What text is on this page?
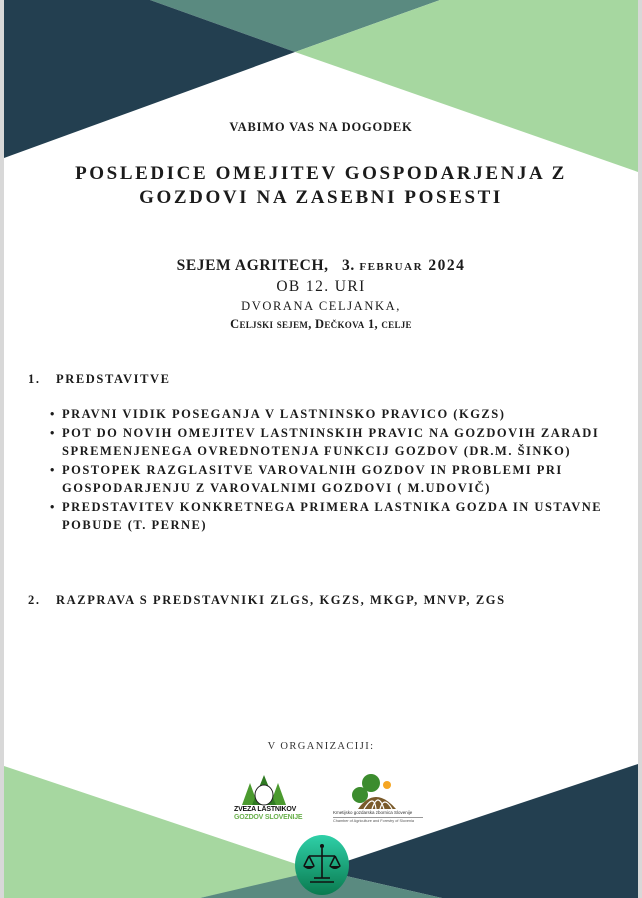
VABIMO VAS NA DOGODEK
POSLEDICE OMEJITEV GOSPODARJENJA Z
GOZDOVI NA ZASEBNI POSESTI
SEJEM AGRITECH, 3. februar 2024
OB 12. URI
DVORANA CELJANKA,
Celjski sejem, Dečkova 1, celje
1. PREDSTAVITVE
• PRAVNI VIDIK POSEGANJA V LASTNINSKO PRAVICO (KGZS)
• POT DO NOVIH OMEJITEV LASTNINSKIH PRAVIC NA GOZDOVIH ZARADI SPREMENJENEGA OVREDNOTENJA FUNKCIJ GOZDOV (DR.M. ŠINKO)
• POSTOPEK RAZGLASITVE VAROVALNIH GOZDOV IN PROBLEMI PRI GOSPODARJENJU Z VAROVALNIMI GOZDOVI ( M.UDOVIČ)
• PREDSTAVITEV KONKRETNEGA PRIMERA LASTNIKA GOZDA IN USTAVNE POBUDE (T. PERNE)
2. RAZPRAVA S PREDSTAVNIKI ZLGS, KGZS, MKGP, MNVP, ZGS
V ORGANIZACIJI:
ZVEZA LASTNIKOV
GOZDOV SLOVENIJE
Kmetijsko gozdarska zbornica Slovenije
Chamber of Agriculture and Forestry of Slovenia
